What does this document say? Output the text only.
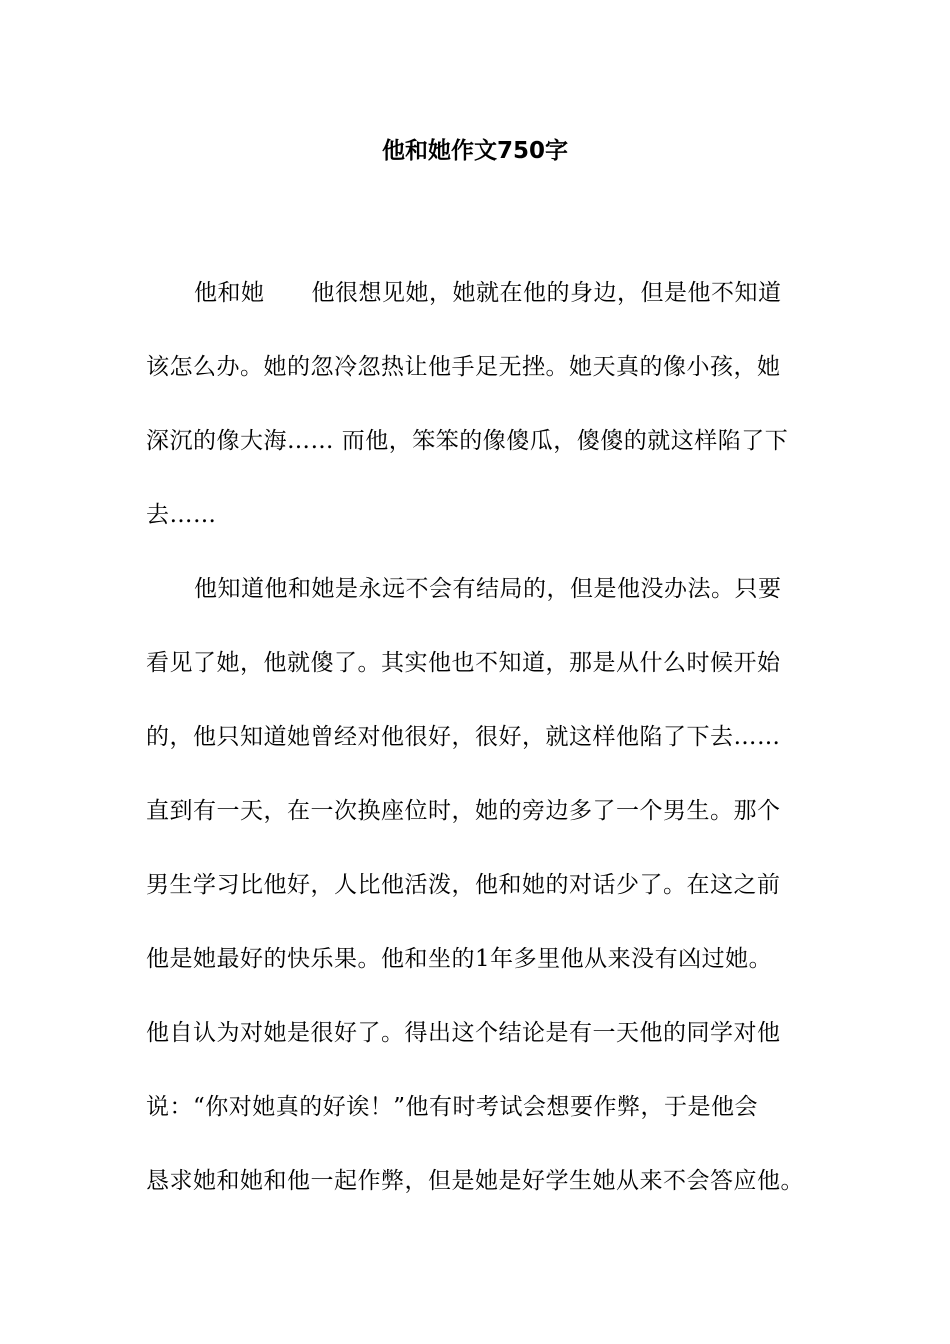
他和她作文750字
他和她　　他很想见她，她就在他的身边，但是他不知道
该怎么办。她的忽冷忽热让他手足无挫。她天真的像小孩，她
深沉的像大海…… 而他，笨笨的像傻瓜，傻傻的就这样陷了下
去……
他知道他和她是永远不会有结局的，但是他没办法。只要
看见了她，他就傻了。其实他也不知道，那是从什么时候开始
的，他只知道她曾经对他很好，很好，就这样他陷了下去……
直到有一天，在一次换座位时，她的旁边多了一个男生。那个
男生学习比他好，人比他活泼，他和她的对话少了。在这之前
他是她最好的快乐果。他和坐的1年多里他从来没有凶过她。
他自认为对她是很好了。得出这个结论是有一天他的同学对他
说：“你对她真的好诶！”他有时考试会想要作弊，于是他会
恳求她和她和他一起作弊，但是她是好学生她从来不会答应他。
